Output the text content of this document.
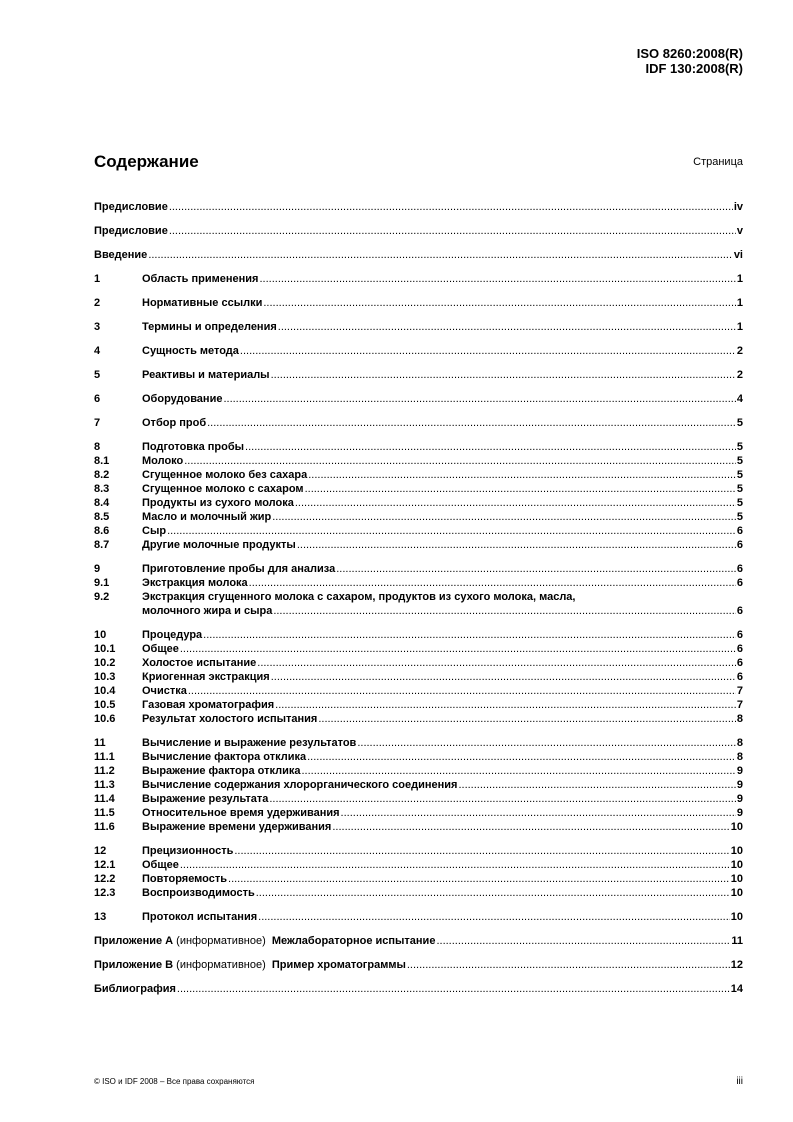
ISO 8260:2008(R)
IDF 130:2008(R)
Содержание	Страница
Предисловие .....	iv
Предисловие .....	v
Введение .....	vi
1	Область применения .....	1
2	Нормативные ссылки .....	1
3	Термины и определения .....	1
4	Сущность метода .....	2
5	Реактивы и материалы .....	2
6	Оборудование .....	4
7	Отбор проб .....	5
8	Подготовка пробы .....	5
8.1	Молоко .....	5
8.2	Сгущенное молоко без сахара .....	5
8.3	Сгущенное молоко с сахаром .....	5
8.4	Продукты из сухого молока .....	5
8.5	Масло и молочный жир .....	5
8.6	Сыр .....	6
8.7	Другие молочные продукты .....	6
9	Приготовление пробы для анализа .....	6
9.1	Экстракция молока .....	6
9.2	Экстракция сгущенного молока с сахаром, продуктов из сухого молока, масла,
молочного жира и сыра .....	6
10	Процедура .....	6
10.1	Общее .....	6
10.2	Холостое испытание .....	6
10.3	Криогенная экстракция .....	6
10.4	Очистка .....	7
10.5	Газовая хроматография .....	7
10.6	Результат холостого испытания .....	8
11	Вычисление и выражение результатов .....	8
11.1	Вычисление фактора отклика .....	8
11.2	Выражение фактора отклика .....	9
11.3	Вычисление содержания хлорорганического соединения .....	9
11.4	Выражение результата .....	9
11.5	Относительное время удерживания .....	9
11.6	Выражение времени удерживания .....	10
12	Прецизионность .....	10
12.1	Общее .....	10
12.2	Повторяемость .....	10
12.3	Воспроизводимость .....	10
13	Протокол испытания .....	10
Приложение A (информативное) Межлабораторное испытание .....	11
Приложение B (информативное) Пример хроматограммы .....	12
Библиография .....	14
© ISO и IDF 2008 – Все права сохраняются	iii
